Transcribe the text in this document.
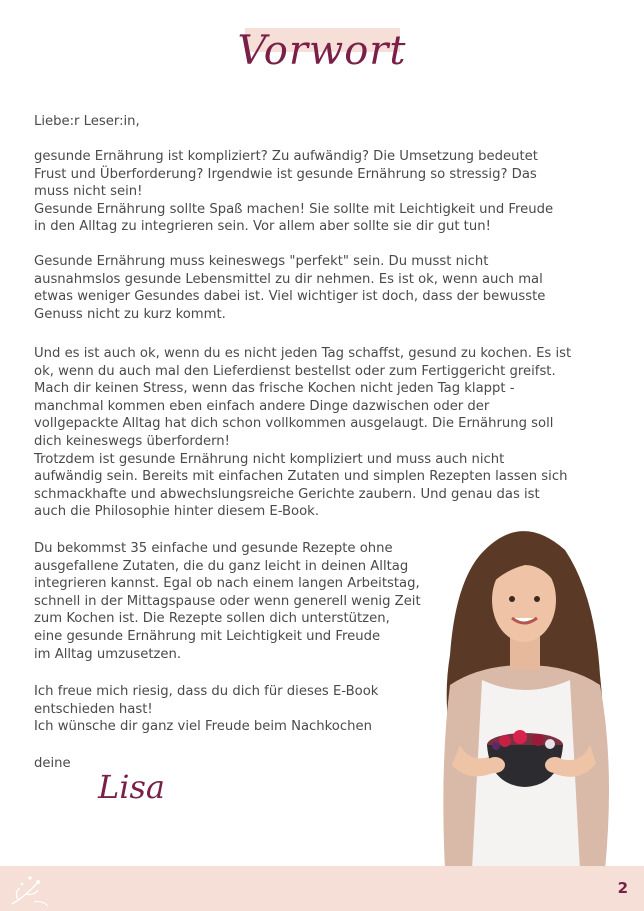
Vorwort
Liebe:r Leser:in,
gesunde Ernährung ist kompliziert? Zu aufwändig? Die Umsetzung bedeutet
Frust und Überforderung? Irgendwie ist gesunde Ernährung so stressig? Das
muss nicht sein!
Gesunde Ernährung sollte Spaß machen! Sie sollte mit Leichtigkeit und Freude
in den Alltag zu integrieren sein. Vor allem aber sollte sie dir gut tun!
Gesunde Ernährung muss keineswegs "perfekt" sein. Du musst nicht
ausnahmslos gesunde Lebensmittel zu dir nehmen. Es ist ok, wenn auch mal
etwas weniger Gesundes dabei ist. Viel wichtiger ist doch, dass der bewusste
Genuss nicht zu kurz kommt.
Und es ist auch ok, wenn du es nicht jeden Tag schaffst, gesund zu kochen. Es ist
ok, wenn du auch mal den Lieferdienst bestellst oder zum Fertiggericht greifst.
Mach dir keinen Stress, wenn das frische Kochen nicht jeden Tag klappt -
manchmal kommen eben einfach andere Dinge dazwischen oder der
vollgepackte Alltag hat dich schon vollkommen ausgelaugt. Die Ernährung soll
dich keineswegs überfordern!
Trotzdem ist gesunde Ernährung nicht kompliziert und muss auch nicht
aufwändig sein. Bereits mit einfachen Zutaten und simplen Rezepten lassen sich
schmackhafte und abwechslungsreiche Gerichte zaubern. Und genau das ist
auch die Philosophie hinter diesem E-Book.
Du bekommst 35 einfache und gesunde Rezepte ohne
ausgefallene Zutaten, die du ganz leicht in deinen Alltag
integrieren kannst. Egal ob nach einem langen Arbeitstag,
schnell in der Mittagspause oder wenn generell wenig Zeit
zum Kochen ist. Die Rezepte sollen dich unterstützen,
eine gesunde Ernährung mit Leichtigkeit und Freude
im Alltag umzusetzen.
Ich freue mich riesig, dass du dich für dieses E-Book
entschieden hast!
Ich wünsche dir ganz viel Freude beim Nachkochen
deine
Lisa
2
